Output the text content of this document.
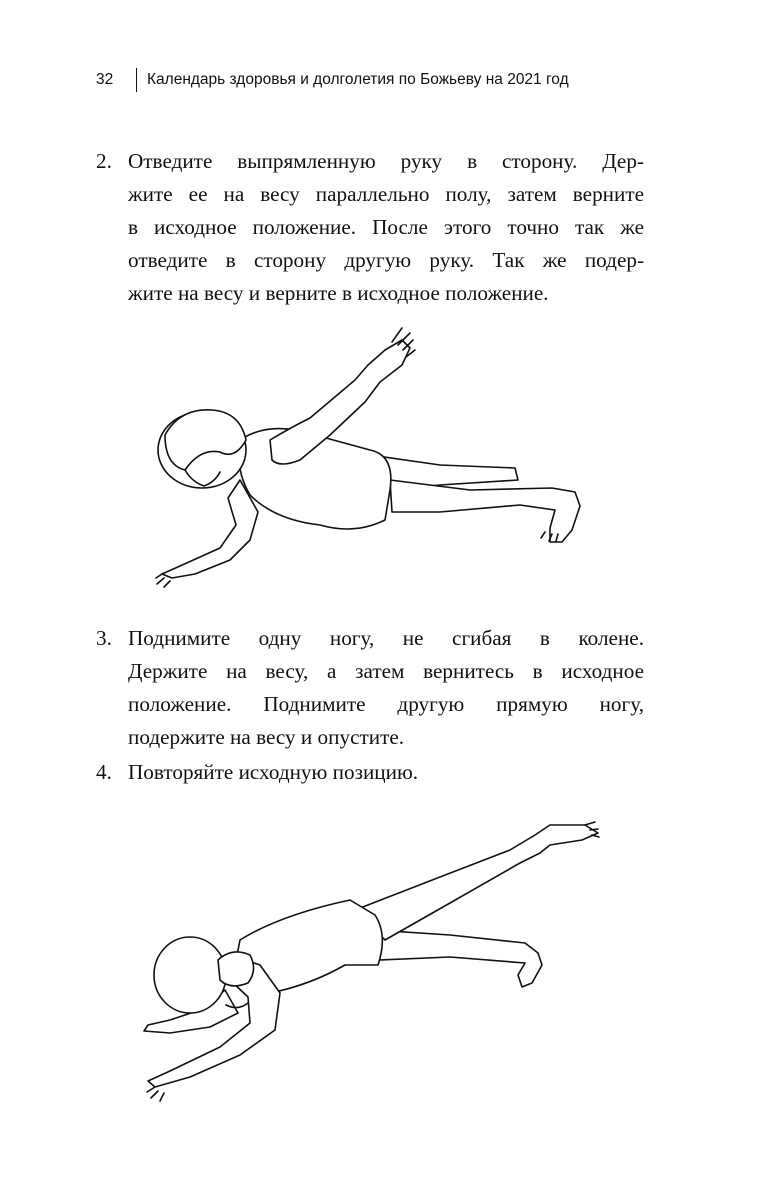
32	Календарь здоровья и долголетия по Божьеву на 2021 год
2. Отведите выпрямленную руку в сторону. Дер-
жите ее на весу параллельно полу, затем верните
в исходное положение. После этого точно так же
отведите в сторону другую руку. Так же подер-
жите на весу и верните в исходное положение.
3. Поднимите одну ногу, не сгибая в колене.
Держите на весу, а затем вернитесь в исходное
положение. Поднимите другую прямую ногу,
подержите на весу и опустите.
4. Повторяйте исходную позицию.
